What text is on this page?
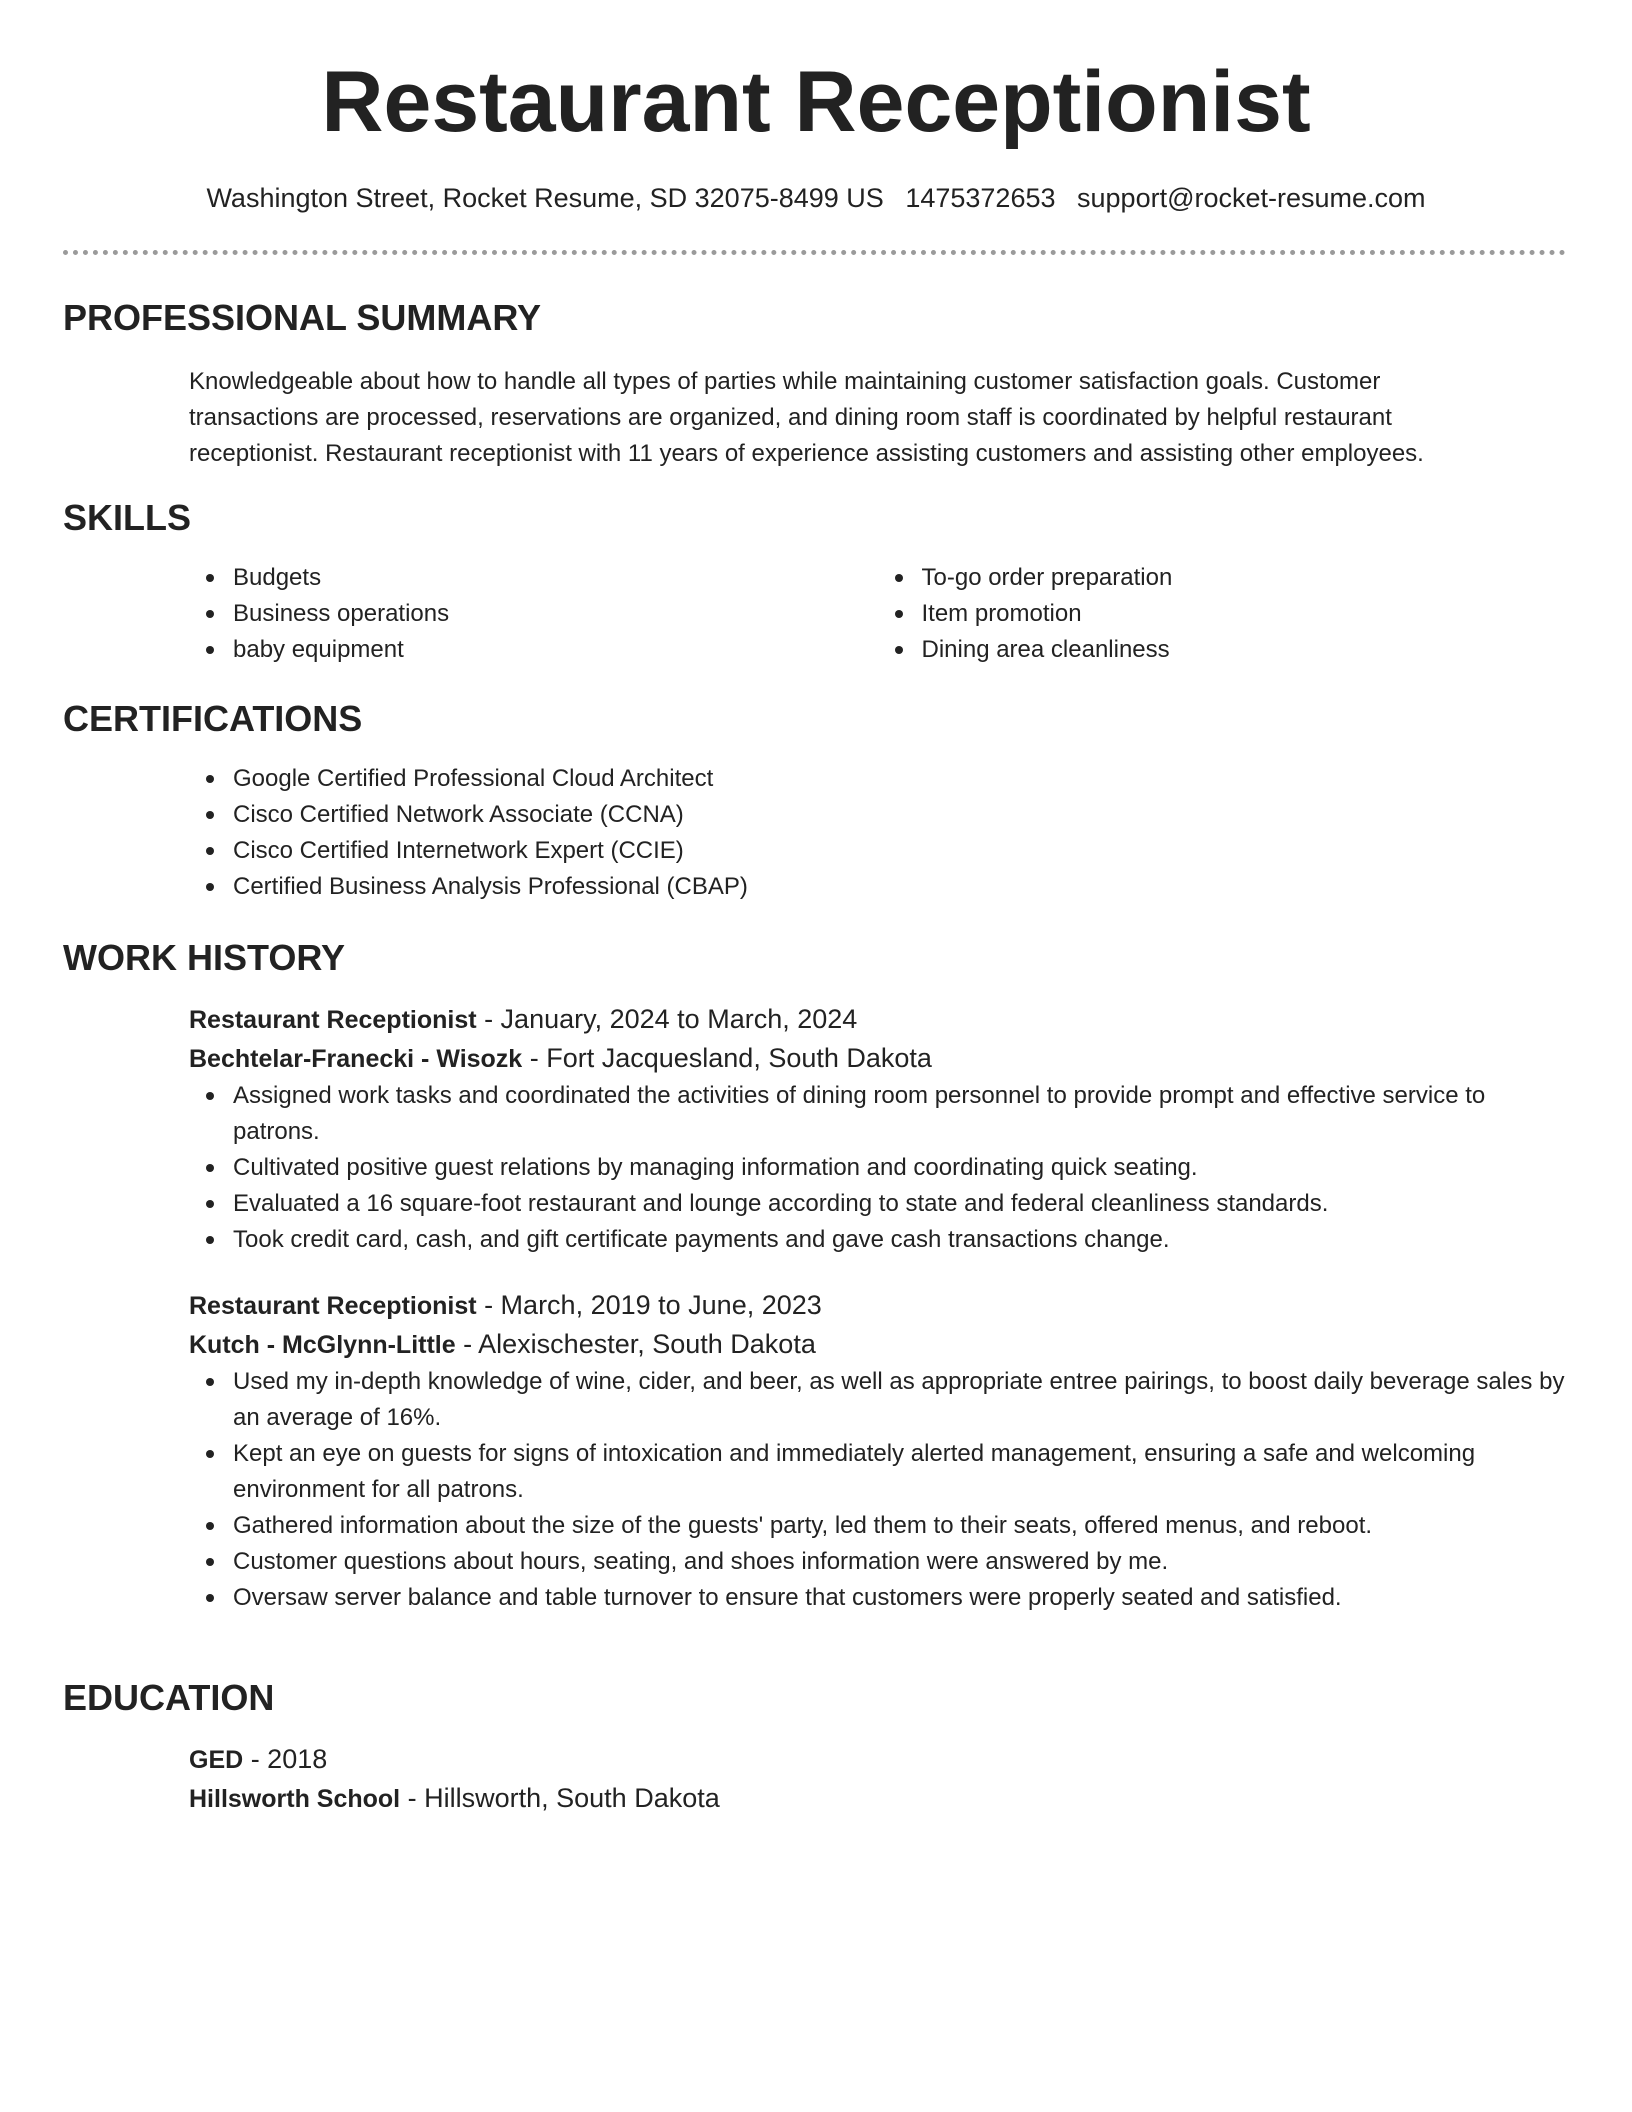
Restaurant Receptionist
Washington Street, Rocket Resume, SD 32075-8499 US 1475372653 support@rocket-resume.com
PROFESSIONAL SUMMARY

Knowledgeable about how to handle all types of parties while maintaining customer satisfaction goals. Customer transactions are processed, reservations are organized, and dining room staff is coordinated by helpful restaurant receptionist. Restaurant receptionist with 11 years of experience assisting customers and assisting other employees.

SKILLS
Budgets
Business operations
baby equipment
To-go order preparation
Item promotion
Dining area cleanliness
CERTIFICATIONS
Google Certified Professional Cloud Architect
Cisco Certified Network Associate (CCNA)
Cisco Certified Internetwork Expert (CCIE)
Certified Business Analysis Professional (CBAP)
WORK HISTORY
Restaurant Receptionist - January, 2024 to March, 2024
Bechtelar-Franecki - Wisozk - Fort Jacquesland, South Dakota
Assigned work tasks and coordinated the activities of dining room personnel to provide prompt and effective service to patrons.
Cultivated positive guest relations by managing information and coordinating quick seating.
Evaluated a 16 square-foot restaurant and lounge according to state and federal cleanliness standards.
Took credit card, cash, and gift certificate payments and gave cash transactions change.
Restaurant Receptionist - March, 2019 to June, 2023
Kutch - McGlynn-Little - Alexischester, South Dakota
Used my in-depth knowledge of wine, cider, and beer, as well as appropriate entree pairings, to boost daily beverage sales by an average of 16%.
Kept an eye on guests for signs of intoxication and immediately alerted management, ensuring a safe and welcoming environment for all patrons.
Gathered information about the size of the guests' party, led them to their seats, offered menus, and reboot.
Customer questions about hours, seating, and shoes information were answered by me.
Oversaw server balance and table turnover to ensure that customers were properly seated and satisfied.
EDUCATION
GED - 2018
Hillsworth School - Hillsworth, South Dakota
